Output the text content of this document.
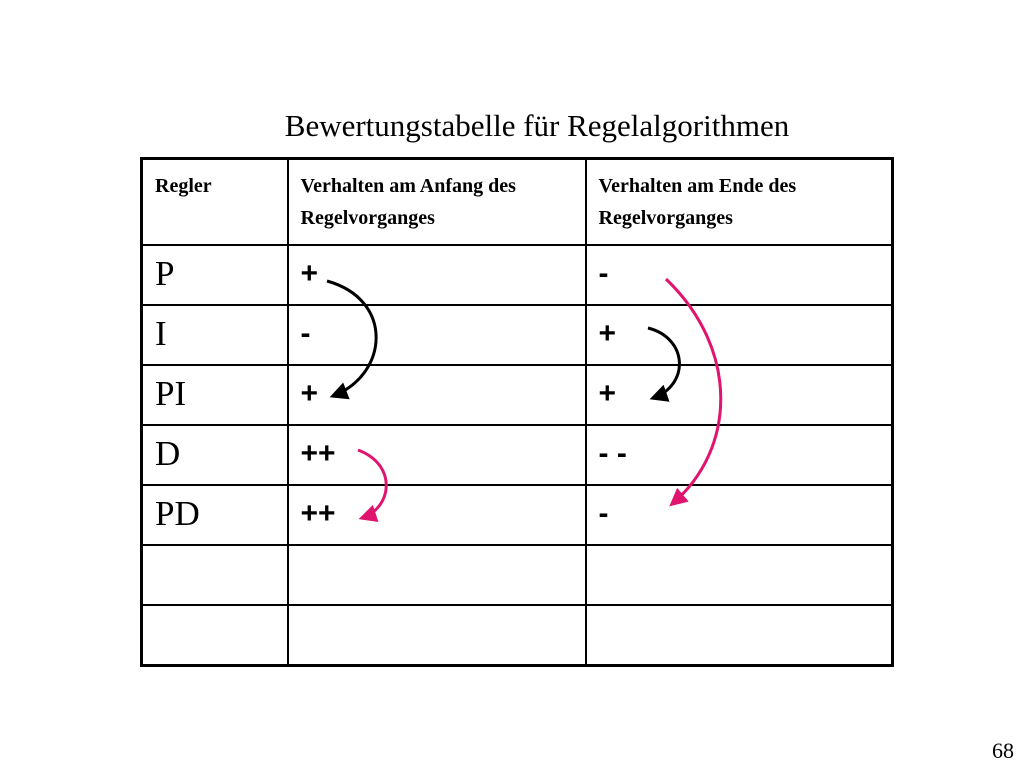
Bewertungstabelle für Regelalgorithmen
Regler	Verhalten am Anfang des Regelvorganges	Verhalten am Ende des Regelvorganges
P	+	-
I	-	+
PI	+	+
D	++	- -
PD	++	-

68
